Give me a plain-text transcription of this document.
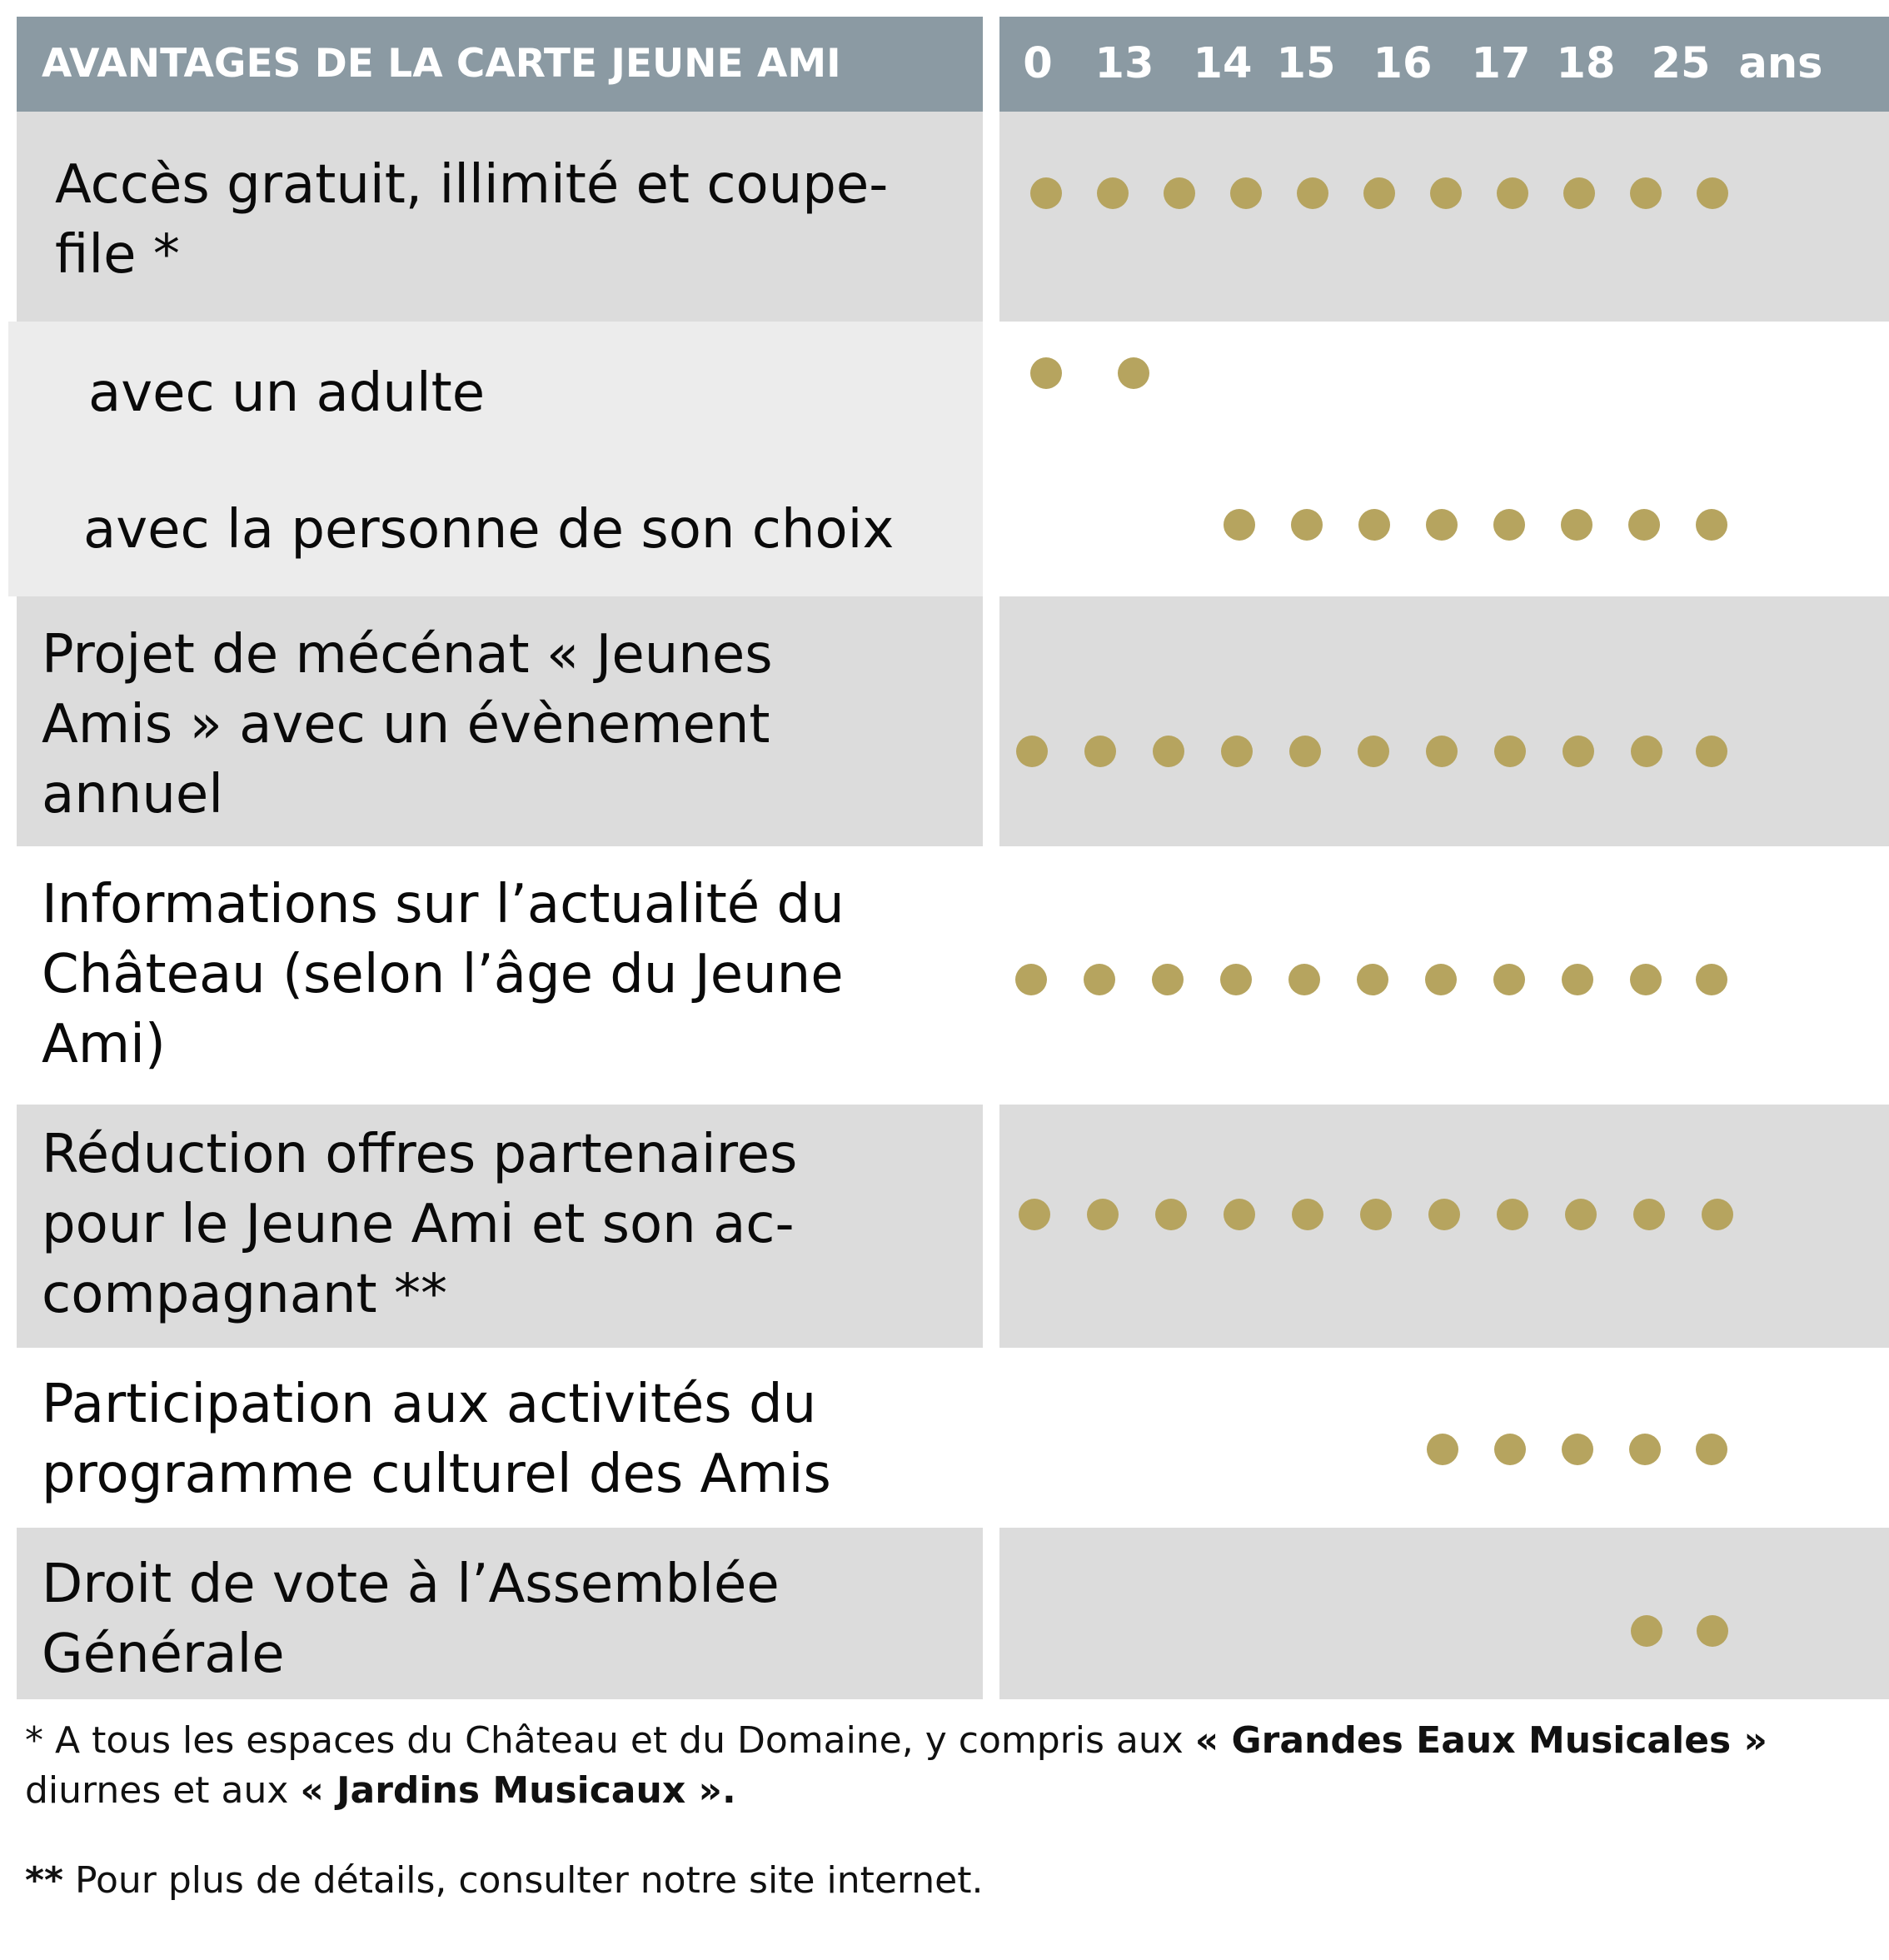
AVANTAGES DE LA CARTE JEUNE AMI	0 13 14 15 16 17 18 25 ans
Accès gratuit, illimité et coupe-
file *
avec un adulte
avec la personne de son choix
Projet de mécénat « Jeunes
Amis » avec un évènement
annuel
Informations sur l’actualité du
Château (selon l’âge du Jeune
Ami)
Réduction offres partenaires
pour le Jeune Ami et son ac-
compagnant **
Participation aux activités du
programme culturel des Amis
Droit de vote à l’Assemblée
Générale
* A tous les espaces du Château et du Domaine, y compris aux « Grandes Eaux Musicales »
diurnes et aux « Jardins Musicaux ».
** Pour plus de détails, consulter notre site internet.
